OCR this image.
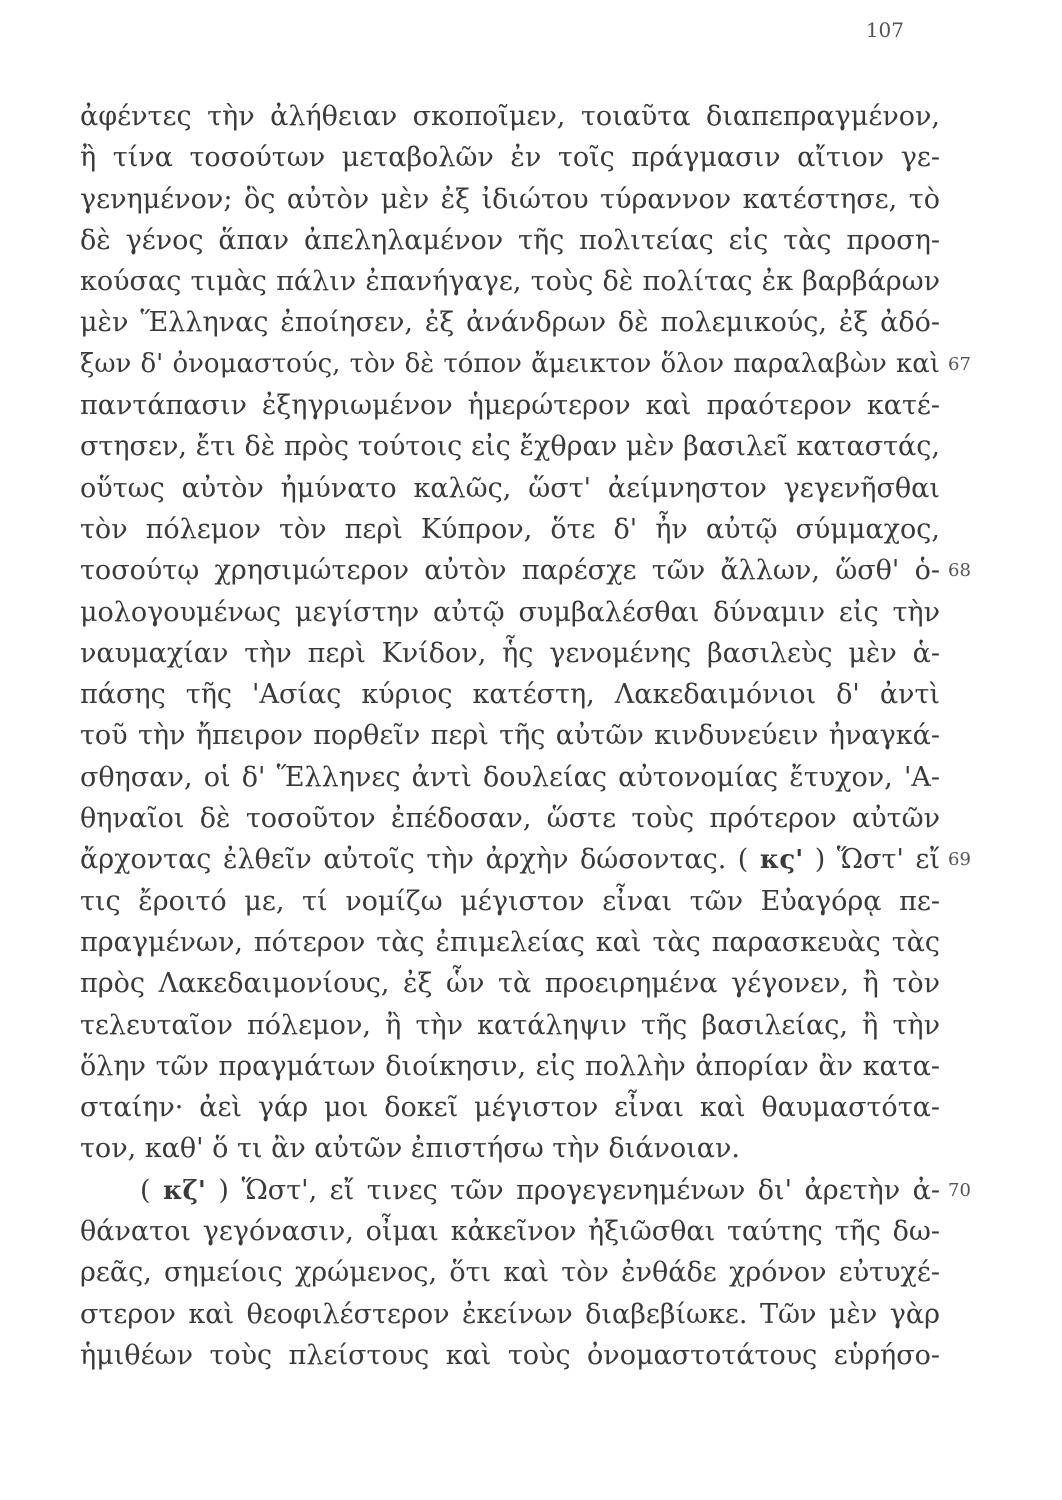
107
ἀφέντες τὴν ἀλήθειαν σκοποῖμεν, τοιαῦτα διαπεπραγμένον,
ἢ τίνα τοσούτων μεταβολῶν ἐν τοῖς πράγμασιν αἴτιον γε-
γενημένον; ὃς αὐτὸν μὲν ἐξ ἰδιώτου τύραννον κατέστησε, τὸ
δὲ γένος ἅπαν ἀπεληλαμένον τῆς πολιτείας εἰς τὰς προση-
κούσας τιμὰς πάλιν ἐπανήγαγε, τοὺς δὲ πολίτας ἐκ βαρβάρων
μὲν Ἕλληνας ἐποίησεν, ἐξ ἀνάνδρων δὲ πολεμικούς, ἐξ ἀδό-
ξων δ' ὀνομαστούς, τὸν δὲ τόπον ἄμεικτον ὅλον παραλαβὼν καὶ 67
παντάπασιν ἐξηγριωμένον ἡμερώτερον καὶ πραότερον κατέ-
στησεν, ἔτι δὲ πρὸς τούτοις εἰς ἔχθραν μὲν βασιλεῖ καταστάς,
οὕτως αὐτὸν ἠμύνατο καλῶς, ὥστ' ἀείμνηστον γεγενῆσθαι
τὸν πόλεμον τὸν περὶ Κύπρον, ὅτε δ' ἦν αὐτῷ σύμμαχος,
τοσούτῳ χρησιμώτερον αὐτὸν παρέσχε τῶν ἄλλων, ὥσθ' ὁ- 68
μολογουμένως μεγίστην αὐτῷ συμβαλέσθαι δύναμιν εἰς τὴν
ναυμαχίαν τὴν περὶ Κνίδον, ἧς γενομένης βασιλεὺς μὲν ἁ-
πάσης τῆς 'Ασίας κύριος κατέστη, Λακεδαιμόνιοι δ' ἀντὶ
τοῦ τὴν ἤπειρον πορθεῖν περὶ τῆς αὐτῶν κινδυνεύειν ἠναγκά-
σθησαν, οἱ δ' Ἕλληνες ἀντὶ δουλείας αὐτονομίας ἔτυχον, 'Α-
θηναῖοι δὲ τοσοῦτον ἐπέδοσαν, ὥστε τοὺς πρότερον αὐτῶν
ἄρχοντας ἐλθεῖν αὐτοῖς τὴν ἀρχὴν δώσοντας. ( κς' ) Ὥστ' εἴ 69
τις ἔροιτό με, τί νομίζω μέγιστον εἶναι τῶν Εὐαγόρᾳ πε-
πραγμένων, πότερον τὰς ἐπιμελείας καὶ τὰς παρασκευὰς τὰς
πρὸς Λακεδαιμονίους, ἐξ ὧν τὰ προειρημένα γέγονεν, ἢ τὸν
τελευταῖον πόλεμον, ἢ τὴν κατάληψιν τῆς βασιλείας, ἢ τὴν
ὅλην τῶν πραγμάτων διοίκησιν, εἰς πολλὴν ἀπορίαν ἂν κατα-
σταίην· ἀεὶ γάρ μοι δοκεῖ μέγιστον εἶναι καὶ θαυμαστότα-
τον, καθ' ὅ τι ἂν αὐτῶν ἐπιστήσω τὴν διάνοιαν.
( κζ' ) Ὥστ', εἴ τινες τῶν προγεγενημένων δι' ἀρετὴν ἀ- 70
θάνατοι γεγόνασιν, οἶμαι κἀκεῖνον ἠξιῶσθαι ταύτης τῆς δω-
ρεᾶς, σημείοις χρώμενος, ὅτι καὶ τὸν ἐνθάδε χρόνον εὐτυχέ-
στερον καὶ θεοφιλέστερον ἐκείνων διαβεβίωκε. Τῶν μὲν γὰρ
ἡμιθέων τοὺς πλείστους καὶ τοὺς ὀνομαστοτάτους εὑρήσο-
